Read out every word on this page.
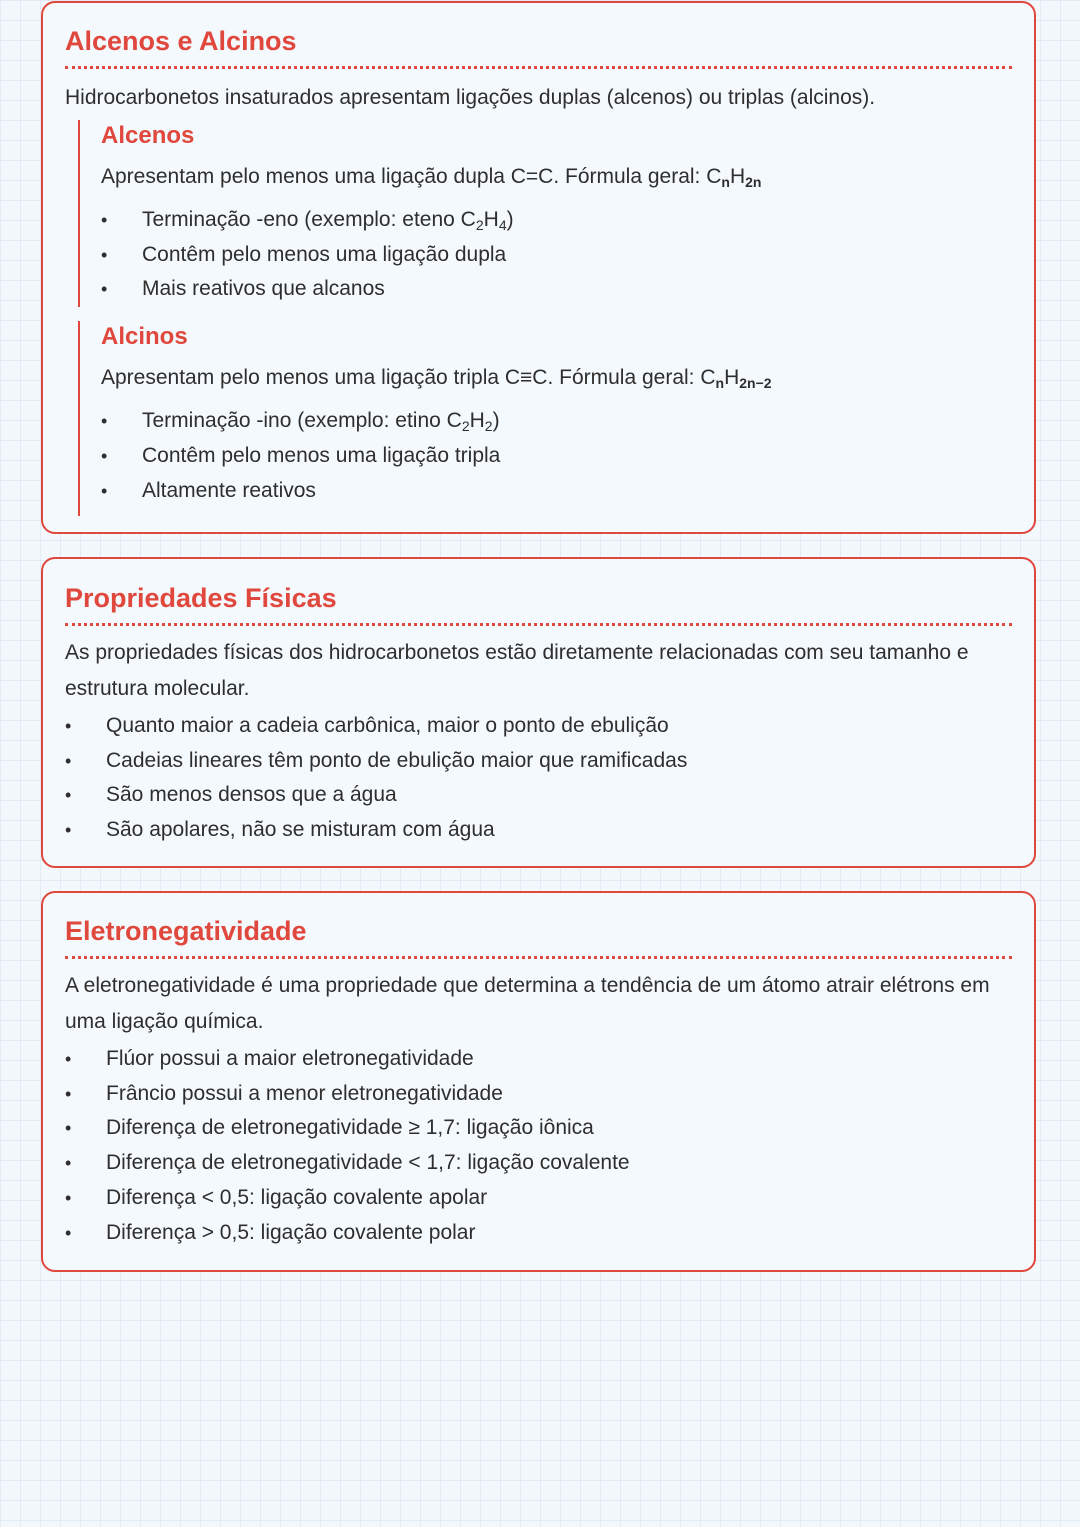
Alcenos e Alcinos

Hidrocarbonetos insaturados apresentam ligações duplas (alcenos) ou triplas (alcinos).

Alcenos

Apresentam pelo menos uma ligação dupla C=C. Fórmula geral: CnH2n

• Terminação -eno (exemplo: eteno $C_2H_4$)
• Contêm pelo menos uma ligação dupla
• Mais reativos que alcanos
Alcinos

Apresentam pelo menos uma ligação tripla C≡C. Fórmula geral: CnH2n−2

• Terminação -ino (exemplo: etino $C_2H_2$)
• Contêm pelo menos uma ligação tripla
• Altamente reativos
Propriedades Físicas

As propriedades físicas dos hidrocarbonetos estão diretamente relacionadas com seu tamanho e estrutura molecular.

• Quanto maior a cadeia carbônica, maior o ponto de ebulição
• Cadeias lineares têm ponto de ebulição maior que ramificadas
• São menos densos que a água
• São apolares, não se misturam com água
Eletronegatividade

A eletronegatividade é uma propriedade que determina a tendência de um átomo atrair elétrons em uma ligação química.

• Flúor possui a maior eletronegatividade
• Frâncio possui a menor eletronegatividade
• Diferença de eletronegatividade ≥ 1,7: ligação iônica
• Diferença de eletronegatividade < 1,7: ligação covalente
• Diferença < 0,5: ligação covalente apolar
• Diferença > 0,5: ligação covalente polar
